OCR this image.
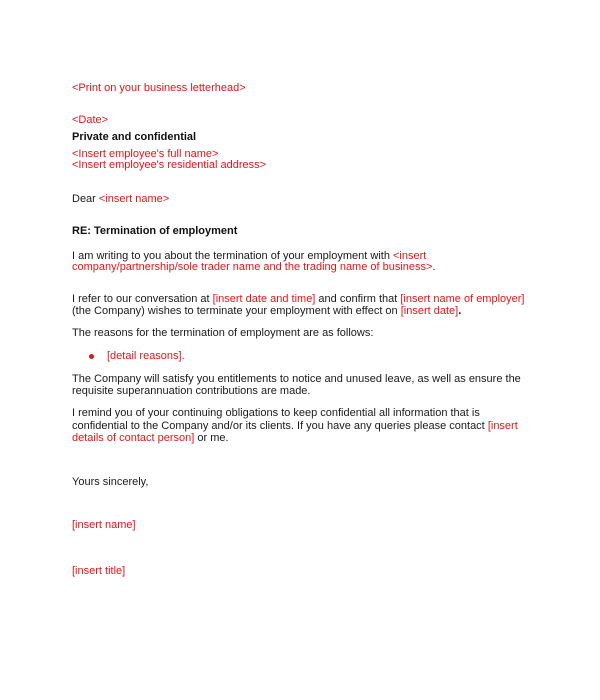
<Print on your business letterhead>
<Date>
Private and confidential
<Insert employee's full name>
<Insert employee's residential address>
Dear <insert name>
RE: Termination of employment
I am writing to you about the termination of your employment with <insert
company/partnership/sole trader name and the trading name of business>.
I refer to our conversation at [insert date and time] and confirm that [insert name of employer]
(the Company) wishes to terminate your employment with effect on [insert date].
The reasons for the termination of employment are as follows:
[detail reasons].
The Company will satisfy you entitlements to notice and unused leave, as well as ensure the
requisite superannuation contributions are made.
I remind you of your continuing obligations to keep confidential all information that is
confidential to the Company and/or its clients. If you have any queries please contact [insert
details of contact person] or me.
Yours sincerely,
[insert name]
[insert title]
